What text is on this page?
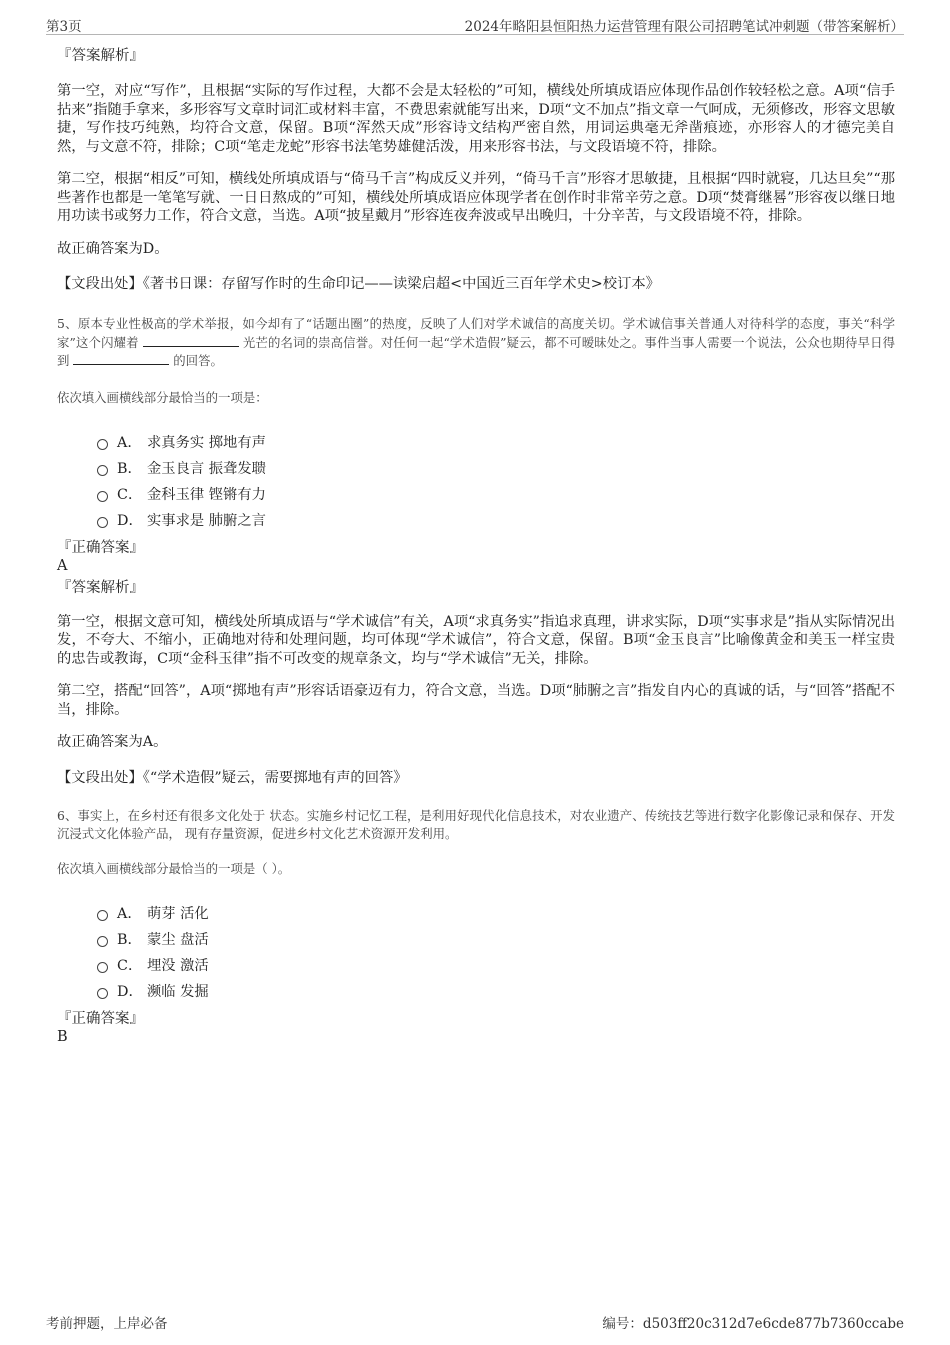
第3页	2024年略阳县恒阳热力运营管理有限公司招聘笔试冲刺题（带答案解析）

『答案解析』

第一空，对应“写作”，且根据“实际的写作过程，大都不会是太轻松的”可知，横线处所填成语应体现作品创作较轻松之意。A项“信手拈来”指随手拿来，多形容写文章时词汇或材料丰富，不费思索就能写出来，D项“文不加点”指文章一气呵成，无须修改，形容文思敏捷，写作技巧纯熟，均符合文意，保留。B项“浑然天成”形容诗文结构严密自然，用词运典毫无斧凿痕迹，亦形容人的才德完美自然，与文意不符，排除；C项“笔走龙蛇”形容书法笔势雄健活泼，用来形容书法，与文段语境不符，排除。

第二空，根据“相反”可知，横线处所填成语与“倚马千言”构成反义并列，“倚马千言”形容才思敏捷，且根据“四时就寝，几达旦矣”“那些著作也都是一笔笔写就、一日日熬成的”可知，横线处所填成语应体现学者在创作时非常辛劳之意。D项“焚膏继晷”形容夜以继日地用功读书或努力工作，符合文意，当选。A项“披星戴月”形容连夜奔波或早出晚归，十分辛苦，与文段语境不符，排除。

故正确答案为D。

【文段出处】《著书日课：存留写作时的生命印记——读梁启超<中国近三百年学术史>校订本》

5、原本专业性极高的学术举报，如今却有了“话题出圈”的热度，反映了人们对学术诚信的高度关切。学术诚信事关普通人对待科学的态度，事关“科学家”这个闪耀着	光芒的名词的崇高信誉。对任何一起“学术造假”疑云，都不可暧昧处之。事件当事人需要一个说法，公众也期待早日得到	的回答。

依次填入画横线部分最恰当的一项是：

A． 求真务实 掷地有声
B． 金玉良言 振聋发聩
C． 金科玉律 铿锵有力
D． 实事求是 肺腑之言

『正确答案』

A

『答案解析』

第一空，根据文意可知，横线处所填成语与“学术诚信”有关，A项“求真务实”指追求真理，讲求实际，D项“实事求是”指从实际情况出发，不夸大、不缩小，正确地对待和处理问题，均可体现“学术诚信”，符合文意，保留。B项“金玉良言”比喻像黄金和美玉一样宝贵的忠告或教诲，C项“金科玉律”指不可改变的规章条文，均与“学术诚信”无关，排除。

第二空，搭配“回答”，A项“掷地有声”形容话语豪迈有力，符合文意，当选。D项“肺腑之言”指发自内心的真诚的话，与“回答”搭配不当，排除。

故正确答案为A。

【文段出处】《“学术造假”疑云，需要掷地有声的回答》

6、事实上，在乡村还有很多文化处于 状态。实施乡村记忆工程，是利用好现代化信息技术，对农业遗产、传统技艺等进行数字化影像记录和保存、开发沉浸式文化体验产品， 现有存量资源，促进乡村文化艺术资源开发利用。

依次填入画横线部分最恰当的一项是（ ）。

A． 萌芽 活化
B． 蒙尘 盘活
C． 埋没 激活
D． 濒临 发掘

『正确答案』

B

考前押题，上岸必备	编号：d503ff20c312d7e6cde877b7360ccabe
